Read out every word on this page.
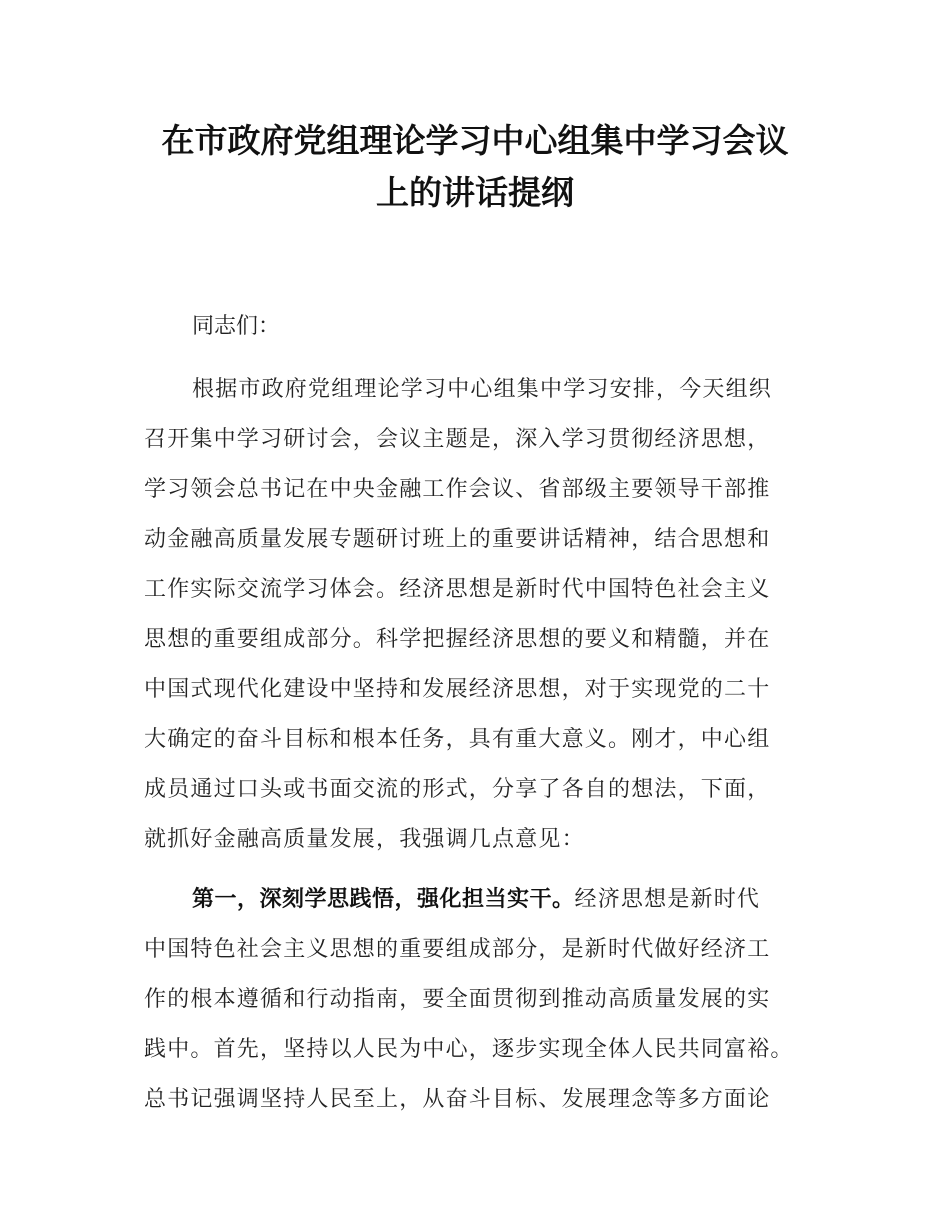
在市政府党组理论学习中心组集中学习会议
上的讲话提纲
同志们：
根据市政府党组理论学习中心组集中学习安排，今天组织
召开集中学习研讨会，会议主题是，深入学习贯彻经济思想，
学习领会总书记在中央金融工作会议、省部级主要领导干部推
动金融高质量发展专题研讨班上的重要讲话精神，结合思想和
工作实际交流学习体会。经济思想是新时代中国特色社会主义
思想的重要组成部分。科学把握经济思想的要义和精髓，并在
中国式现代化建设中坚持和发展经济思想，对于实现党的二十
大确定的奋斗目标和根本任务，具有重大意义。刚才，中心组
成员通过口头或书面交流的形式，分享了各自的想法，下面，
就抓好金融高质量发展，我强调几点意见：
第一，深刻学思践悟，强化担当实干。经济思想是新时代
中国特色社会主义思想的重要组成部分，是新时代做好经济工
作的根本遵循和行动指南，要全面贯彻到推动高质量发展的实
践中。首先，坚持以人民为中心，逐步实现全体人民共同富裕。
总书记强调坚持人民至上，从奋斗目标、发展理念等多方面论
